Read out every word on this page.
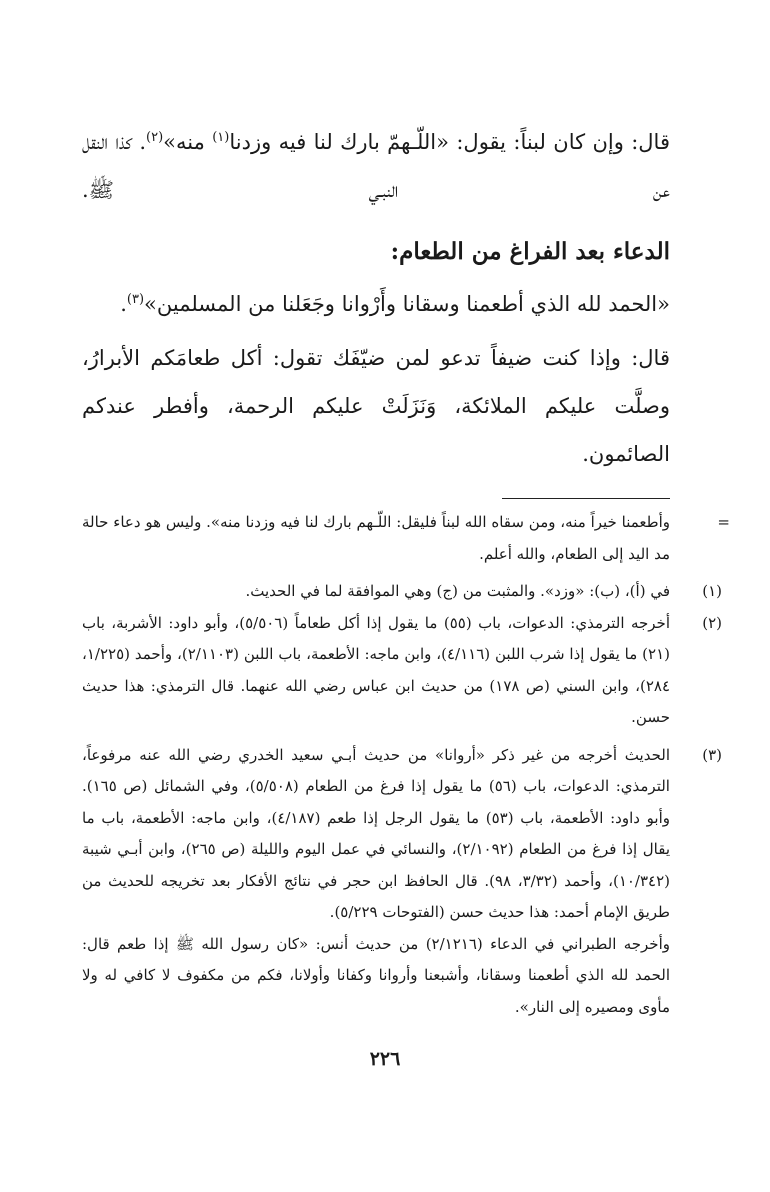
قال: وإن كان لبناً: يقول: «اللّـهمّ بارك لنا فيه وزدنا$^{(١)}$ منه»$^{(٢)}$. كذا النقل عن النبـي ﷺ.

الدعاء بعد الفراغ من الطعام:

«الحمد لله الذي أطعمنا وسقانا وأَرْوانا وجَعَلنا من المسلمين»$^{(٣)}$.

قال: وإذا كنت ضيفاً تدعو لمن ضيّفَك تقول: أكل طعامَكم الأبرارُ، وصلَّت عليكم الملائكة، وَنَزَلَتْ عليكم الرحمة، وأفطر عندكم الصائمون.

=

وأطعمنا خيراً منه، ومن سقاه الله لبناً فليقل: اللّـهم بارك لنا فيه وزدنا منه». وليس هو دعاء حالة مد اليد إلى الطعام، والله أعلم.

(١)

في (أ)، (ب): «وزد». والمثبت من (ج) وهي الموافقة لما في الحديث.

(٢)

أخرجه الترمذي: الدعوات، باب (٥٥) ما يقول إذا أكل طعاماً (٥/٥٠٦)، وأبو داود: الأشربة، باب (٢١) ما يقول إذا شرب اللبن (٤/١١٦)، وابن ماجه: الأطعمة، باب اللبن (٢/١١٠٣)، وأحمد (١/٢٢٥، ٢٨٤)، وابن السني (ص ١٧٨) من حديث ابن عباس رضي الله عنهما. قال الترمذي: هذا حديث حسن.

(٣)

الحديث أخرجه من غير ذكر «أروانا» من حديث أبـي سعيد الخدري رضي الله عنه مرفوعاً، الترمذي: الدعوات، باب (٥٦) ما يقول إذا فرغ من الطعام (٥/٥٠٨)، وفي الشمائل (ص ١٦٥). وأبو داود: الأطعمة، باب (٥٣) ما يقول الرجل إذا طعم (٤/١٨٧)، وابن ماجه: الأطعمة، باب ما يقال إذا فرغ من الطعام (٢/١٠٩٢)، والنسائي في عمل اليوم والليلة (ص ٢٦٥)، وابن أبـي شيبة (١٠/٣٤٢)، وأحمد (٣/٣٢، ٩٨). قال الحافظ ابن حجر في نتائج الأفكار بعد تخريجه للحديث من طريق الإمام أحمد: هذا حديث حسن (الفتوحات ٥/٢٢٩).

وأخرجه الطبراني في الدعاء (٢/١٢١٦) من حديث أنس: «كان رسول الله ﷺ إذا طعم قال: الحمد لله الذي أطعمنا وسقانا، وأشبعنا وأروانا وكفانا وأولانا، فكم من مكفوف لا كافي له ولا مأوى ومصيره إلى النار».

٢٢٦
